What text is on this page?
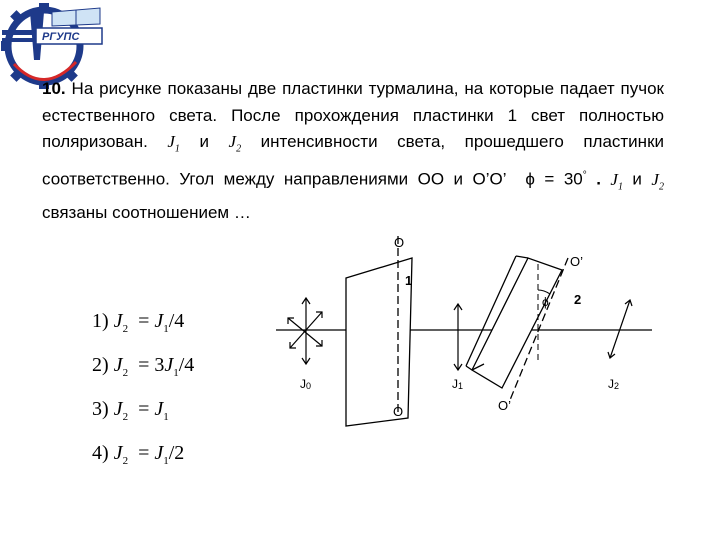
РГУПС

10. На рисунке показаны две пластинки турмалина, на которые падает пучок естественного света. После прохождения пластинки 1 свет полностью поляризован. $J_1$ и $J_2$ интенсивности света, прошедшего пластинки соответственно. Угол между направлениями ОО и О’О’ ϕ = 30° . $J_1$ и $J_2$ связаны соотношением …

1) $J_2 = J_1/4$
2) $J_2 = 3J_1/4$
3) $J_2 = J_1$
4) $J_2 = J_1/2$
O
O
1
O’
O’
2
ϕ
J0	J1	J2
